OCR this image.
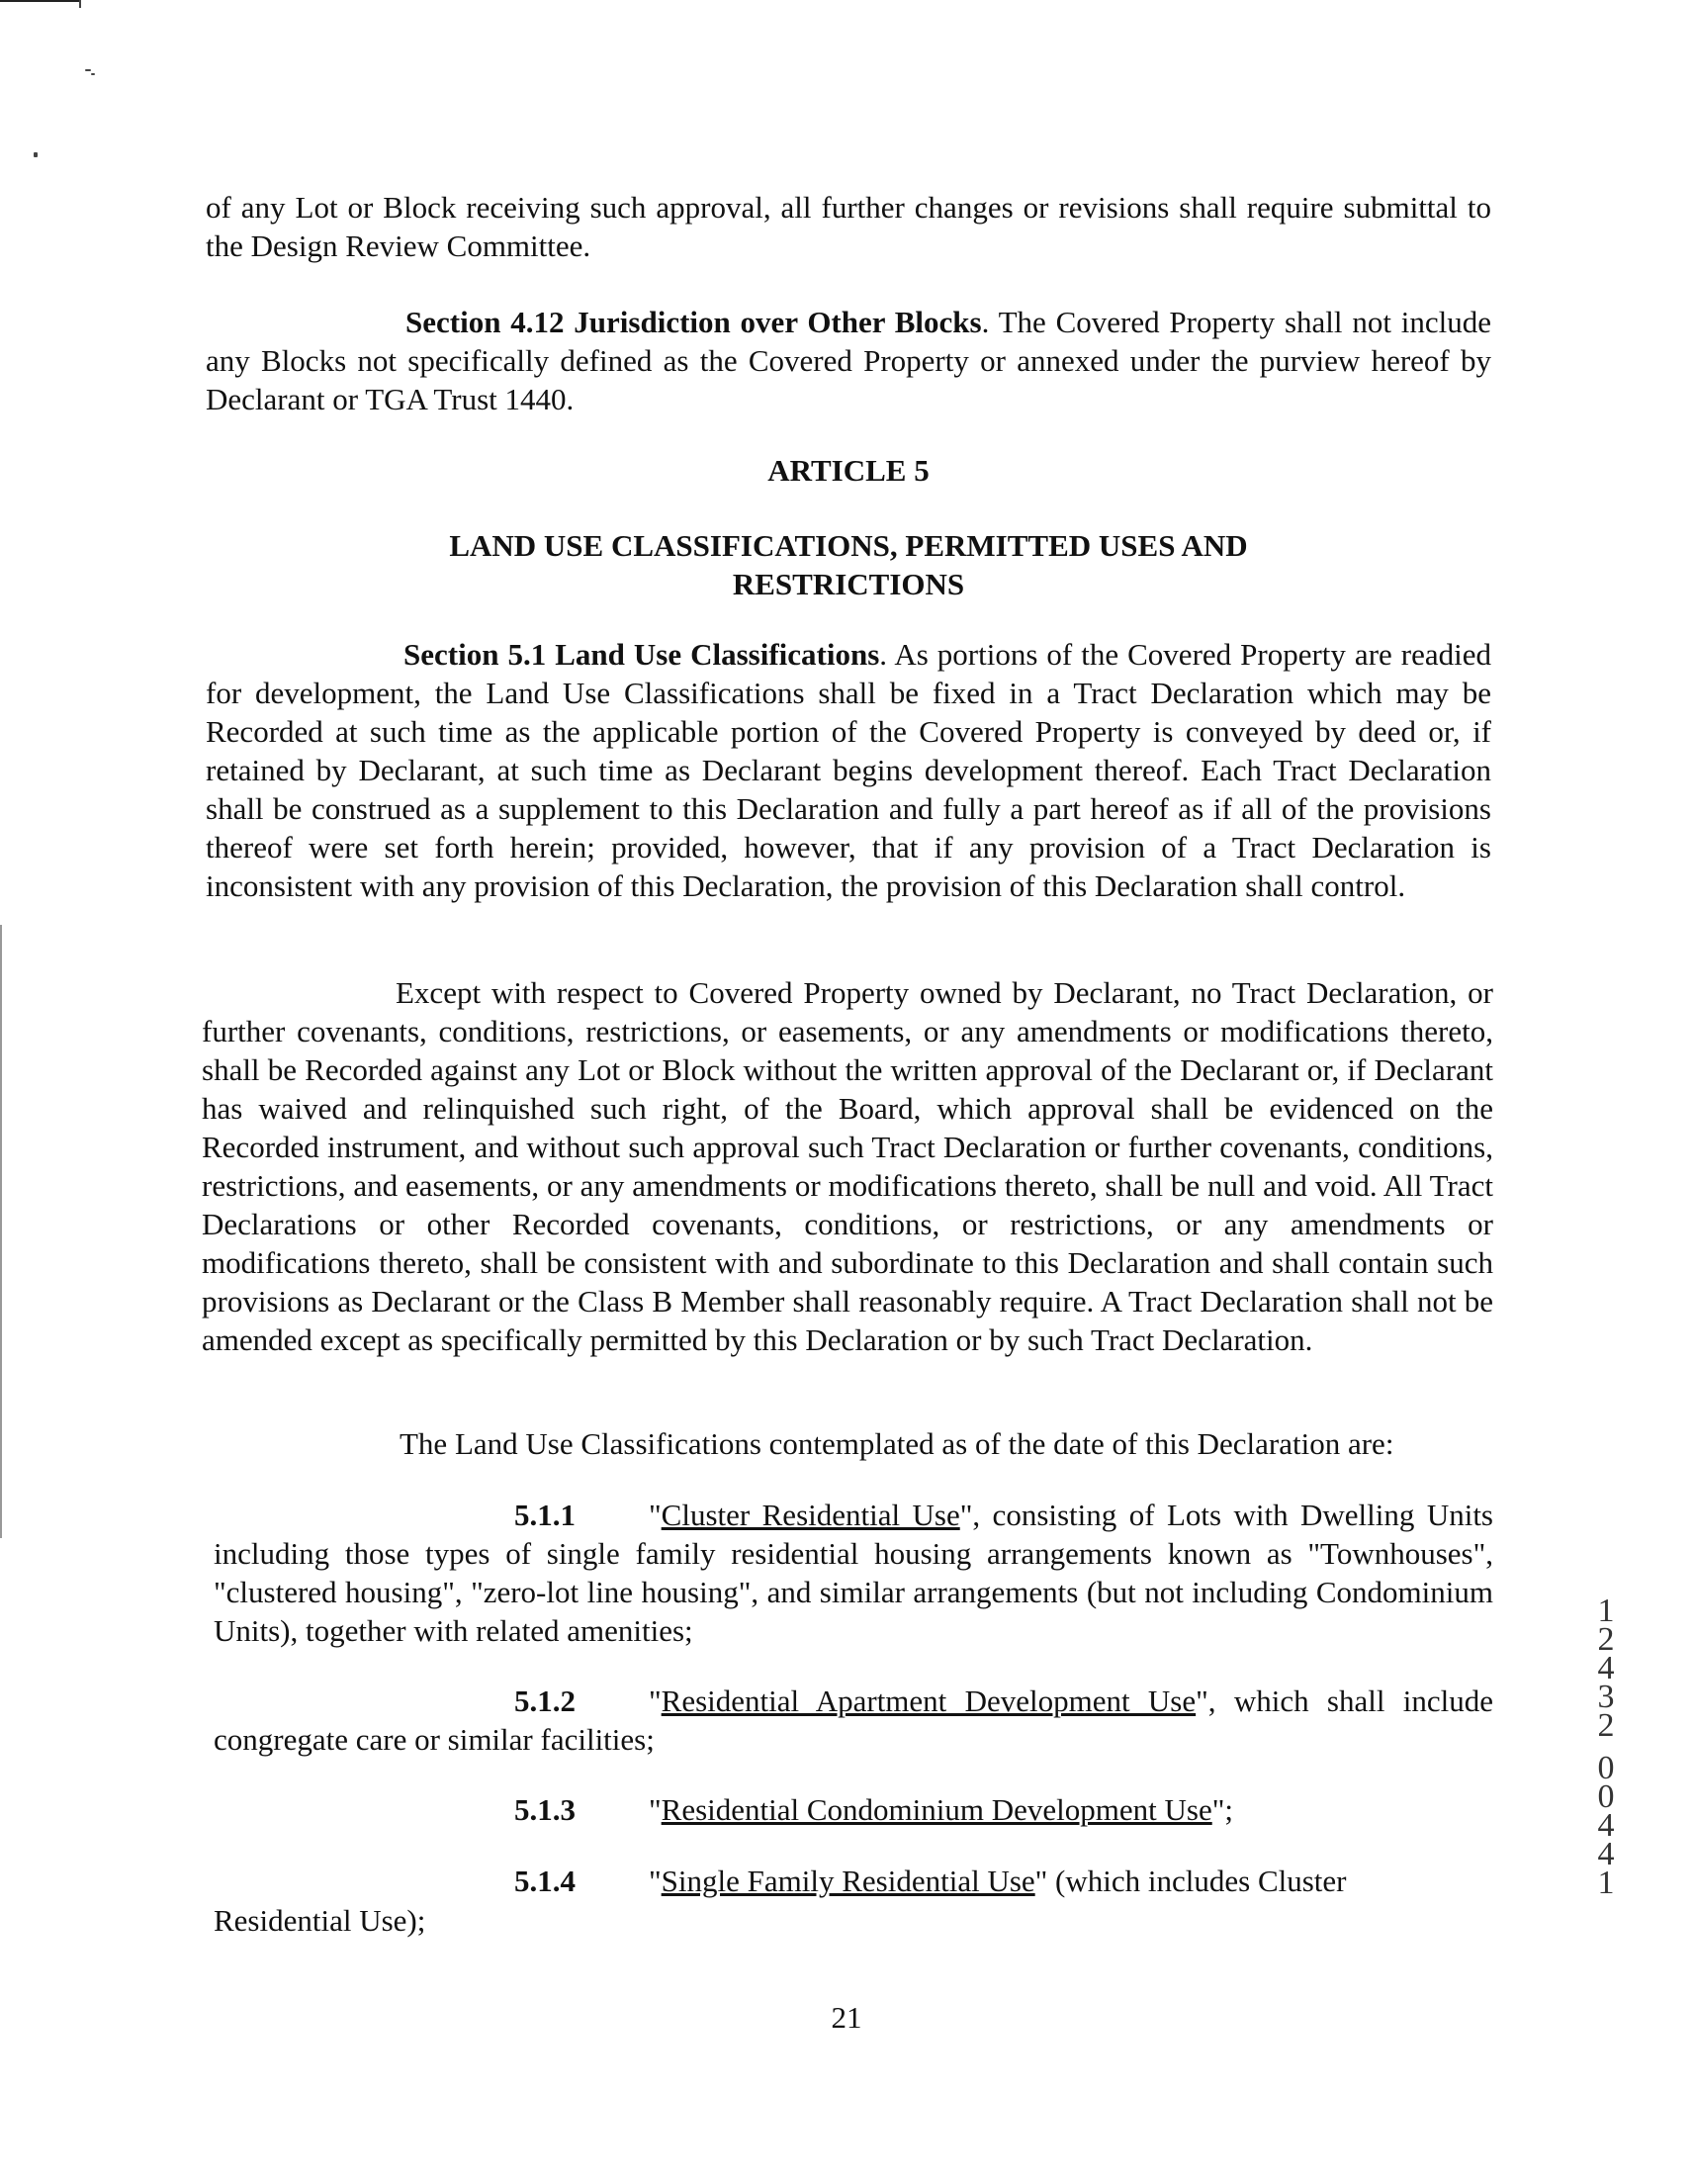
of any Lot or Block receiving such approval, all further changes or revisions shall require submittal to the Design Review Committee.

Section 4.12 Jurisdiction over Other Blocks. The Covered Property shall not include any Blocks not specifically defined as the Covered Property or annexed under the purview hereof by Declarant or TGA Trust 1440.

ARTICLE 5

LAND USE CLASSIFICATIONS, PERMITTED USES AND

RESTRICTIONS

Section 5.1 Land Use Classifications. As portions of the Covered Property are readied for development, the Land Use Classifications shall be fixed in a Tract Declaration which may be Recorded at such time as the applicable portion of the Covered Property is conveyed by deed or, if retained by Declarant, at such time as Declarant begins development thereof. Each Tract Declaration shall be construed as a supplement to this Declaration and fully a part hereof as if all of the provisions thereof were set forth herein; provided, however, that if any provision of a Tract Declaration is inconsistent with any provision of this Declaration, the provision of this Declaration shall control.

Except with respect to Covered Property owned by Declarant, no Tract Declaration, or further covenants, conditions, restrictions, or easements, or any amendments or modifications thereto, shall be Recorded against any Lot or Block without the written approval of the Declarant or, if Declarant has waived and relinquished such right, of the Board, which approval shall be evidenced on the Recorded instrument, and without such approval such Tract Declaration or further covenants, conditions, restrictions, and easements, or any amendments or modifications thereto, shall be null and void. All Tract Declarations or other Recorded covenants, conditions, or restrictions, or any amendments or modifications thereto, shall be consistent with and subordinate to this Declaration and shall contain such provisions as Declarant or the Class B Member shall reasonably require. A Tract Declaration shall not be amended except as specifically permitted by this Declaration or by such Tract Declaration.

The Land Use Classifications contemplated as of the date of this Declaration are:

5.1.1 "Cluster Residential Use", consisting of Lots with Dwelling Units including those types of single family residential housing arrangements known as "Townhouses", "clustered housing", "zero-lot line housing", and similar arrangements (but not including Condominium Units), together with related amenities;

5.1.2 "Residential Apartment Development Use", which shall include congregate care or similar facilities;

5.1.3 "Residential Condominium Development Use";

5.1.4 "Single Family Residential Use" (which includes Cluster

Residential Use);

21
1
2
4
3
2
0
0
4
4
1
